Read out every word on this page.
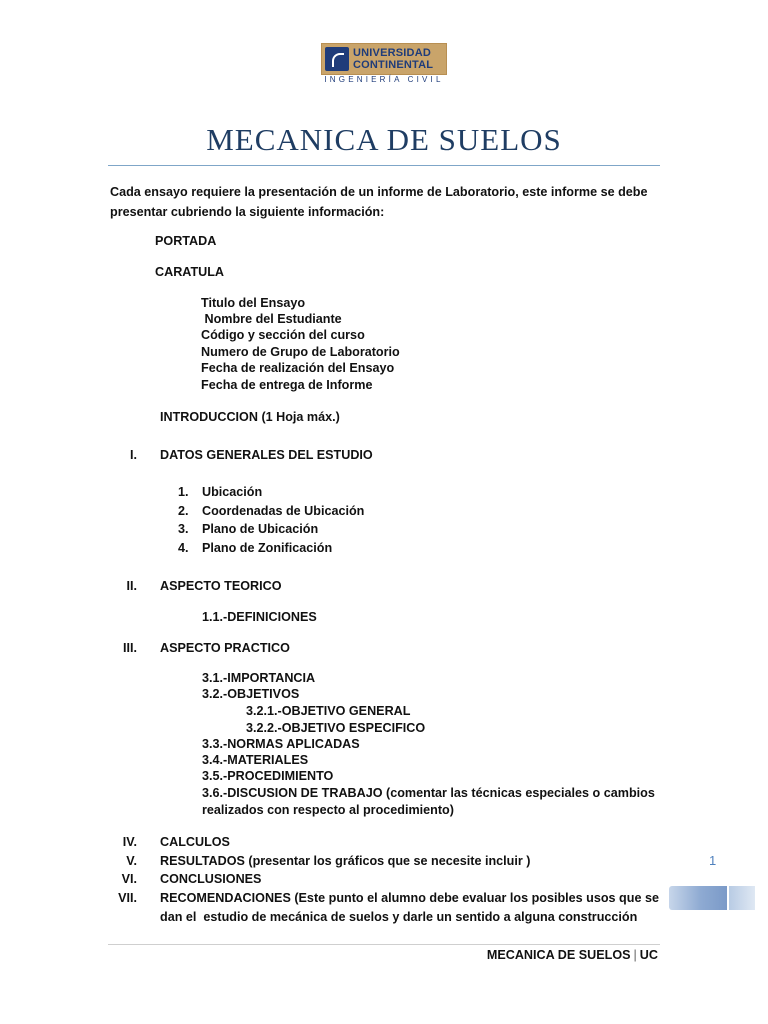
UNIVERSIDAD
CONTINENTAL
INGENIERÍA CIVIL
MECANICA DE SUELOS
Cada ensayo requiere la presentación de un informe de Laboratorio, este informe se debe presentar cubriendo la siguiente información:
PORTADA
CARATULA
Titulo del Ensayo
Nombre del Estudiante
Código y sección del curso
Numero de Grupo de Laboratorio
Fecha de realización del Ensayo
Fecha de entrega de Informe
INTRODUCCION (1 Hoja máx.)
I. DATOS GENERALES DEL ESTUDIO
1. Ubicación
2. Coordenadas de Ubicación
3. Plano de Ubicación
4. Plano de Zonificación
II. ASPECTO TEORICO
1.1.-DEFINICIONES
III. ASPECTO PRACTICO
3.1.-IMPORTANCIA
3.2.-OBJETIVOS
3.2.1.-OBJETIVO GENERAL
3.2.2.-OBJETIVO ESPECIFICO
3.3.-NORMAS APLICADAS
3.4.-MATERIALES
3.5.-PROCEDIMIENTO
3.6.-DISCUSION DE TRABAJO (comentar las técnicas especiales o cambios
realizados con respecto al procedimiento)
IV. CALCULOS
V. RESULTADOS (presentar los gráficos que se necesite incluir )
VI. CONCLUSIONES
VII. RECOMENDACIONES (Este punto el alumno debe evaluar los posibles usos que se
dan el  estudio de mecánica de suelos y darle un sentido a alguna construcción
1
MECANICA DE SUELOS | UC
